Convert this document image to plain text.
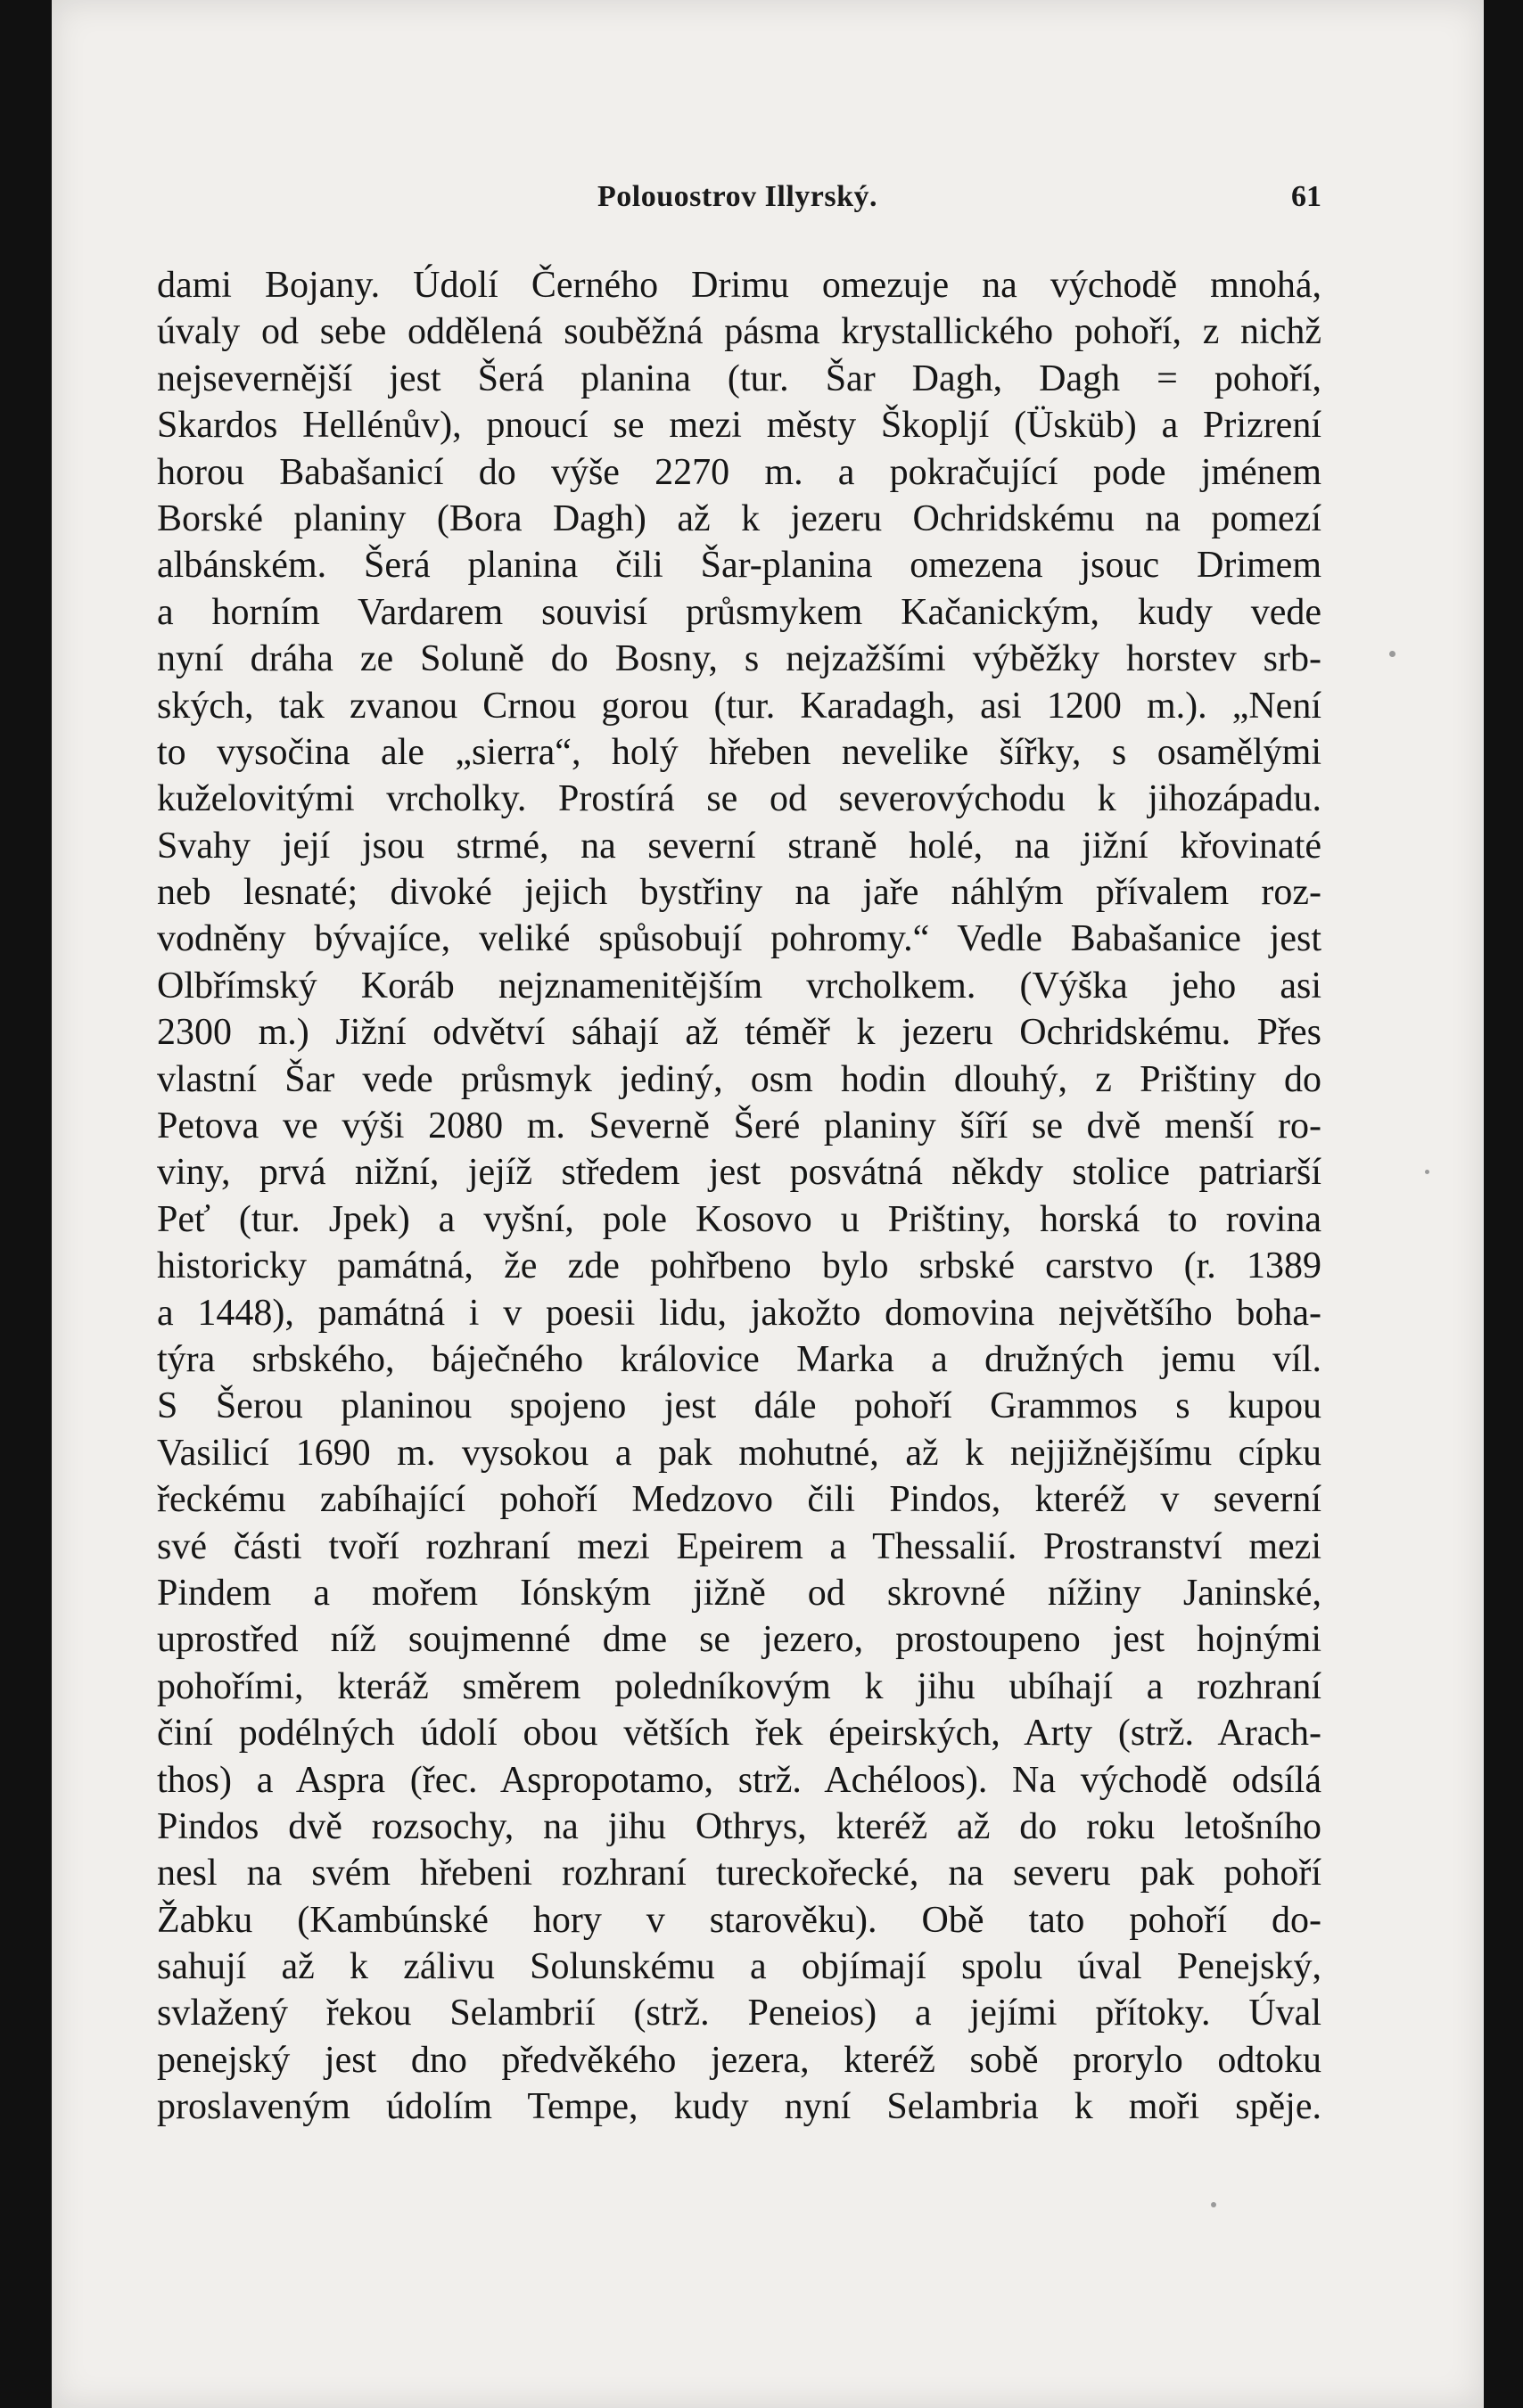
Polouostrov Illyrský.	61
dami Bojany. Údolí Černého Drimu omezuje na východě mnohá,
úvaly od sebe oddělená souběžná pásma krystallického pohoří, z nichž
nejsevernější jest Šerá planina (tur. Šar Dagh, Dagh = pohoří,
Skardos Hellénův), pnoucí se mezi městy Škopljí (Üsküb) a Prizrení
horou Babašanicí do výše 2270 m. a pokračující pode jménem
Borské planiny (Bora Dagh) až k jezeru Ochridskému na pomezí
albánském. Šerá planina čili Šar-planina omezena jsouc Drimem
a horním Vardarem souvisí průsmykem Kačanickým, kudy vede
nyní dráha ze Soluně do Bosny, s nejzažšími výběžky horstev srb-
ských, tak zvanou Crnou gorou (tur. Karadagh, asi 1200 m.). „Není
to vysočina ale „sierra“, holý hřeben nevelike šířky, s osamělými
kuželovitými vrcholky. Prostírá se od severovýchodu k jihozápadu.
Svahy její jsou strmé, na severní straně holé, na jižní křovinaté
neb lesnaté; divoké jejich bystřiny na jaře náhlým přívalem roz-
vodněny bývajíce, veliké spůsobují pohromy.“ Vedle Babašanice jest
Olbřímský Koráb nejznamenitějším vrcholkem. (Výška jeho asi
2300 m.) Jižní odvětví sáhají až téměř k jezeru Ochridskému. Přes
vlastní Šar vede průsmyk jediný, osm hodin dlouhý, z Prištiny do
Petova ve výši 2080 m. Severně Šeré planiny šíří se dvě menší ro-
viny, prvá nižní, jejíž středem jest posvátná někdy stolice patriarší
Peť (tur. Jpek) a vyšní, pole Kosovo u Prištiny, horská to rovina
historicky památná, že zde pohřbeno bylo srbské carstvo (r. 1389
a 1448), památná i v poesii lidu, jakožto domovina největšího boha-
týra srbského, báječného královice Marka a družných jemu víl.
S Šerou planinou spojeno jest dále pohoří Grammos s kupou
Vasilicí 1690 m. vysokou a pak mohutné, až k nejjižnějšímu cípku
řeckému zabíhající pohoří Medzovo čili Pindos, kteréž v severní
své části tvoří rozhraní mezi Epeirem a Thessalií. Prostranství mezi
Pindem a mořem Iónským jižně od skrovné nížiny Janinské,
uprostřed níž soujmenné dme se jezero, prostoupeno jest hojnými
pohořími, kteráž směrem poledníkovým k jihu ubíhají a rozhraní
činí podélných údolí obou větších řek épeirských, Arty (strž. Arach-
thos) a Aspra (řec. Aspropotamo, strž. Achéloos). Na východě odsílá
Pindos dvě rozsochy, na jihu Othrys, kteréž až do roku letošního
nesl na svém hřebeni rozhraní tureckořecké, na severu pak pohoří
Žabku (Kambúnské hory v starověku). Obě tato pohoří do-
sahují až k zálivu Solunskému a objímají spolu úval Penejský,
svlažený řekou Selambrií (strž. Peneios) a jejími přítoky. Úval
penejský jest dno předvěkého jezera, kteréž sobě prorylo odtoku
proslaveným údolím Tempe, kudy nyní Selambria k moři spěje.
